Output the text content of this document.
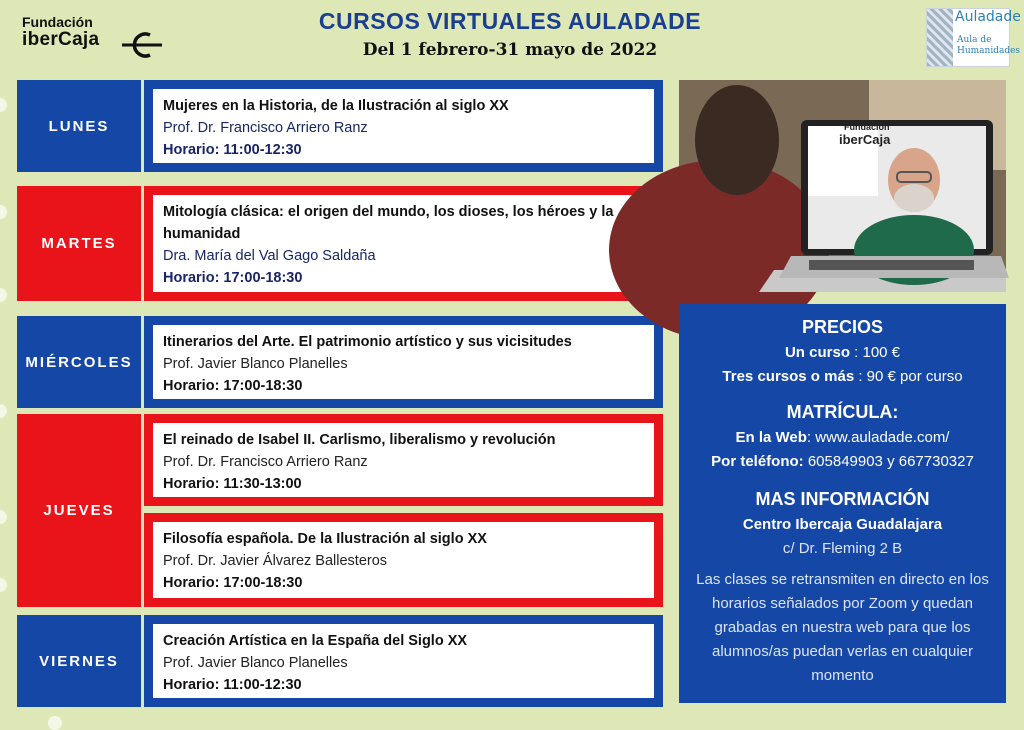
Fundación
iberCaja
CURSOS VIRTUALES AULADADE
Del 1 febrero-31 mayo de 2022
Auladade
Aula de
Humanidades
LUNES
Mujeres en la Historia, de la Ilustración al siglo XX
Prof. Dr. Francisco Arriero Ranz
Horario: 11:00-12:30
MARTES
Mitología clásica: el origen del mundo, los dioses, los héroes y la humanidad
Dra. María del Val Gago Saldaña
Horario: 17:00-18:30
MIÉRCOLES
Itinerarios del Arte. El patrimonio artístico y sus vicisitudes
Prof. Javier Blanco Planelles
Horario: 17:00-18:30
JUEVES
El reinado de Isabel II. Carlismo, liberalismo y revolución
Prof. Dr. Francisco Arriero Ranz
Horario: 11:30-13:00
Filosofía española. De la Ilustración al siglo XX
Prof. Dr. Javier Álvarez Ballesteros
Horario: 17:00-18:30
VIERNES
Creación Artística en la España del Siglo XX
Prof. Javier Blanco Planelles
Horario: 11:00-12:30
Fundación
iberCaja
PRECIOS
Un curso : 100 €
Tres cursos o más : 90 € por curso
MATRÍCULA:
En la Web: www.auladade.com/
Por teléfono: 605849903 y 667730327
MAS INFORMACIÓN
Centro Ibercaja Guadalajara
c/ Dr. Fleming 2 B
Las clases se retransmiten en directo en los horarios señalados por Zoom y quedan grabadas en nuestra web para que los alumnos/as puedan verlas en cualquier momento
